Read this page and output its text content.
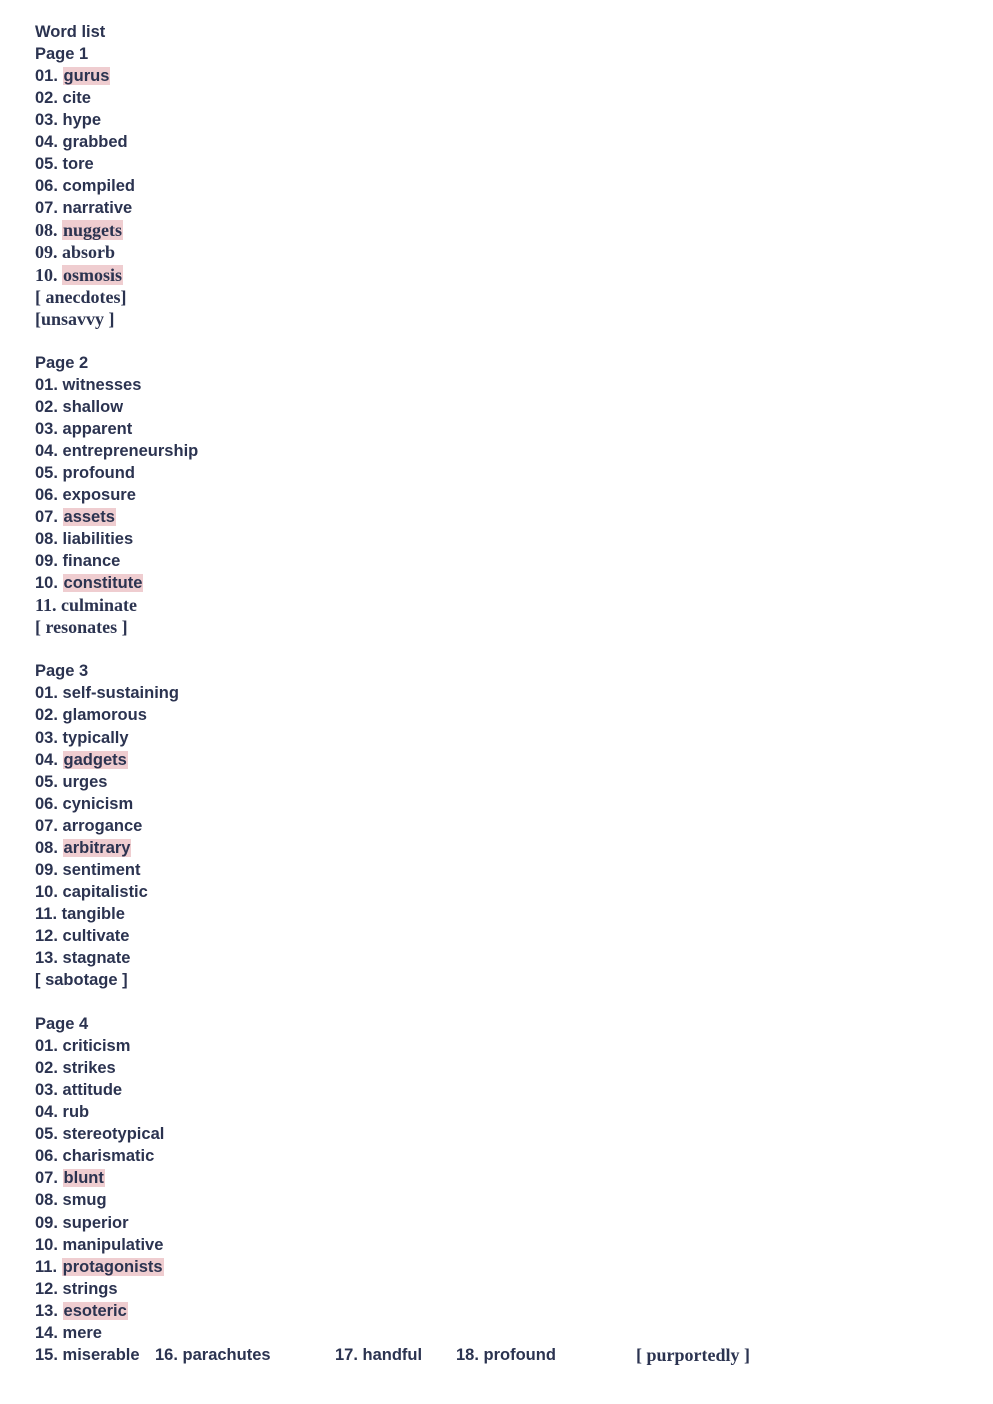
Word list
Page 1
01. gurus
02. cite
03. hype
04. grabbed
05. tore
06. compiled
07. narrative
08. nuggets
09. absorb
10. osmosis
[ anecdotes]
[unsavvy ]
Page 2
01. witnesses
02. shallow
03. apparent
04. entrepreneurship
05. profound
06. exposure
07. assets
08. liabilities
09. finance
10. constitute
11. culminate
[ resonates ]
Page 3
01. self-sustaining
02. glamorous
03. typically
04. gadgets
05. urges
06. cynicism
07. arrogance
08. arbitrary
09. sentiment
10. capitalistic
11. tangible
12. cultivate
13. stagnate
[ sabotage ]
Page 4
01. criticism
02. strikes
03. attitude
04. rub
05. stereotypical
06. charismatic
07. blunt
08. smug
09. superior
10. manipulative
11. protagonists
12. strings
13. esoteric
14. mere
15. miserable 16. parachutes	17. handful 18. profound	[ purportedly ]
